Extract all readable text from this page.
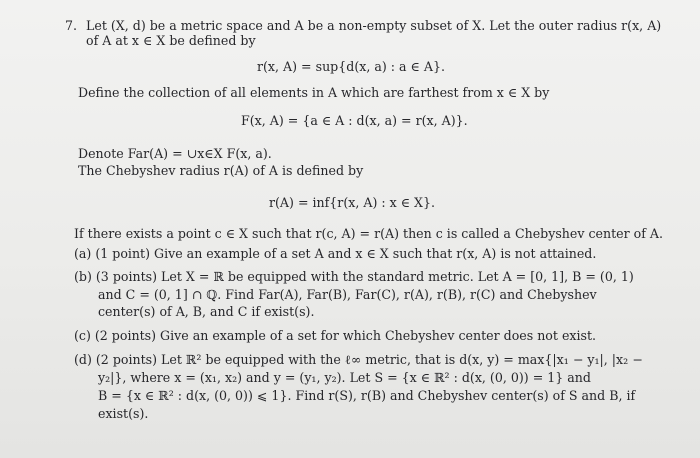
7. Let (X, d) be a metric space and A be a non-empty subset of X. Let the outer radius r(x, A)
of A at x ∈ X be defined by
r(x, A) = sup{d(x, a) : a ∈ A}.
Define the collection of all elements in A which are farthest from x ∈ X by
F(x, A) = {a ∈ A : d(x, a) = r(x, A)}.
Denote Far(A) = ∪x∈X F(x, a).
The Chebyshev radius r(A) of A is defined by
r(A) = inf{r(x, A) : x ∈ X}.
If there exists a point c ∈ X such that r(c, A) = r(A) then c is called a Chebyshev center of A.
(a) (1 point) Give an example of a set A and x ∈ X such that r(x, A) is not attained.
(b) (3 points) Let X = ℝ be equipped with the standard metric. Let A = [0, 1], B = (0, 1)
and C = (0, 1] ∩ ℚ. Find Far(A), Far(B), Far(C), r(A), r(B), r(C) and Chebyshev
center(s) of A, B, and C if exist(s).
(c) (2 points) Give an example of a set for which Chebyshev center does not exist.
(d) (2 points) Let ℝ² be equipped with the ℓ∞ metric, that is d(x, y) = max{|x₁ − y₁|, |x₂ −
y₂|}, where x = (x₁, x₂) and y = (y₁, y₂). Let S = {x ∈ ℝ² : d(x, (0, 0)) = 1} and
B = {x ∈ ℝ² : d(x, (0, 0)) ⩽ 1}. Find r(S), r(B) and Chebyshev center(s) of S and B, if
exist(s).
